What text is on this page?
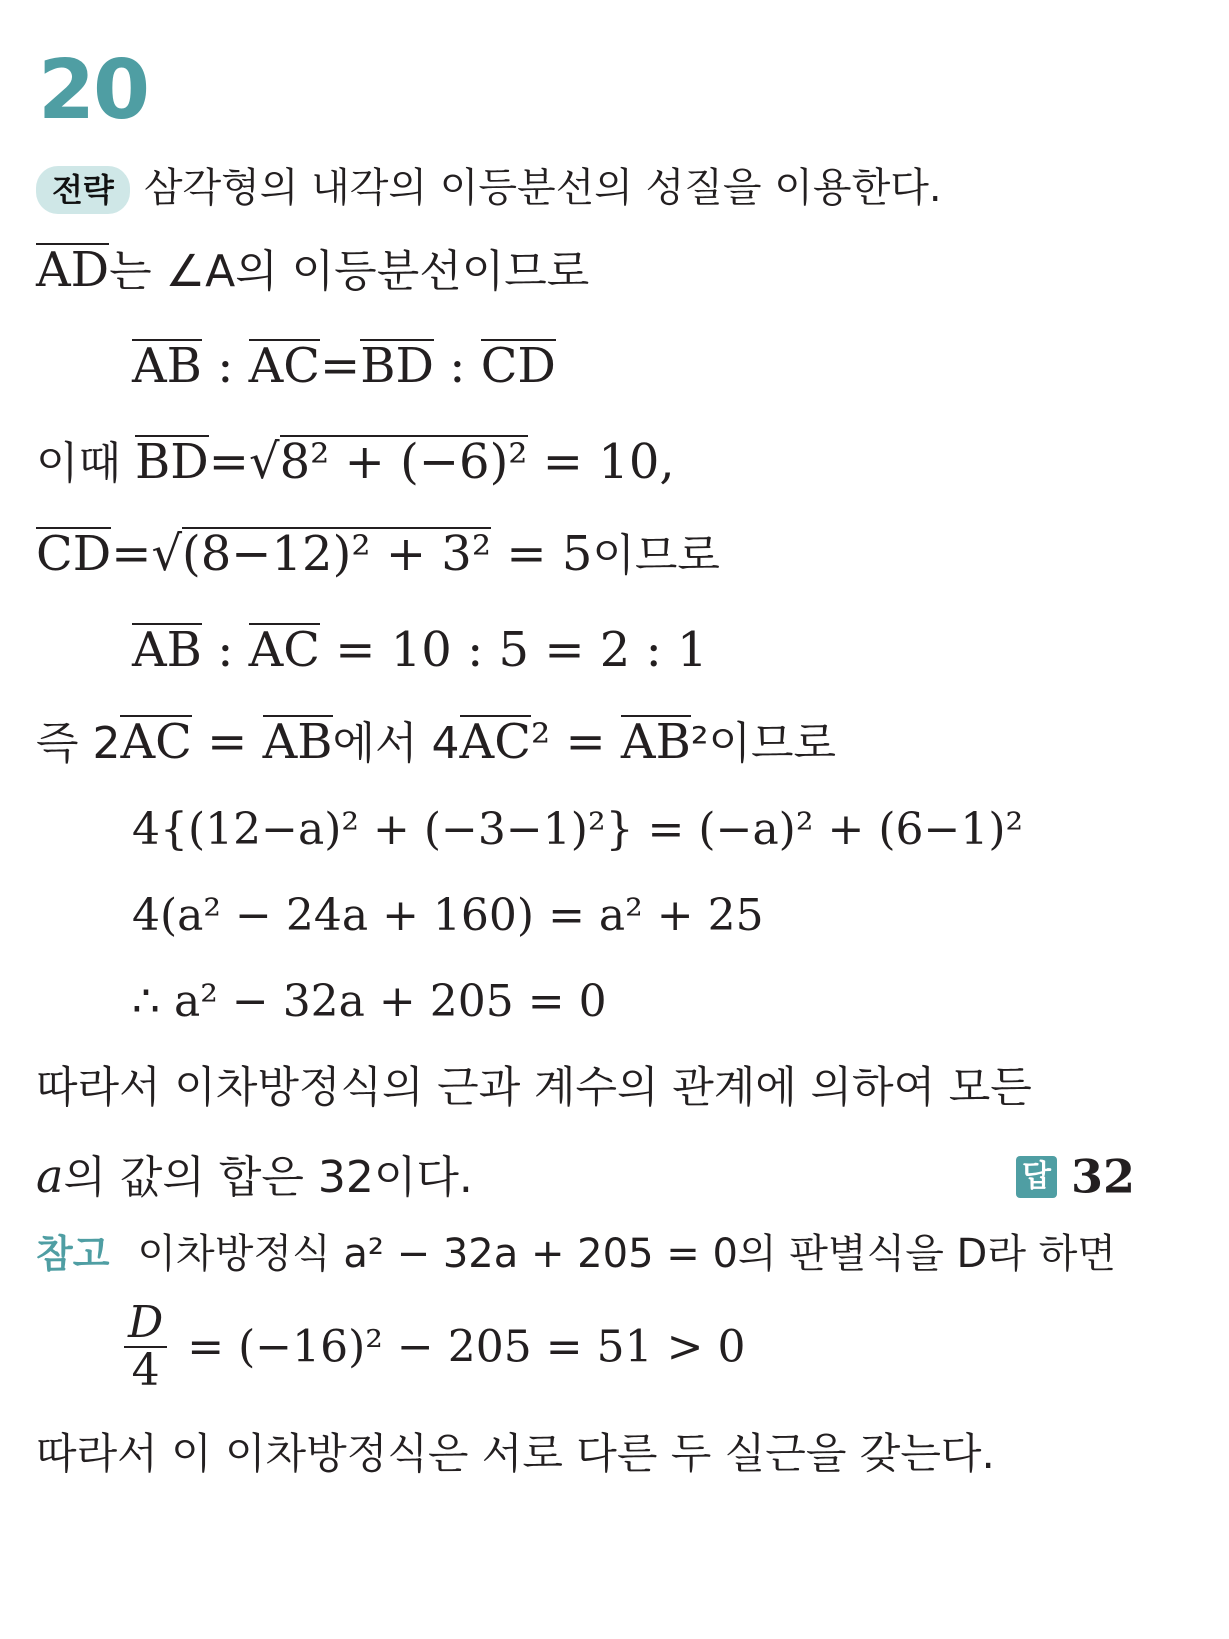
20
전략 삼각형의 내각의 이등분선의 성질을 이용한다.
AD는 ∠A의 이등분선이므로
AB : AC=BD : CD
이때 BD=√8² + (−6)² = 10,
CD=√(8−12)² + 3² = 5이므로
AB : AC = 10 : 5 = 2 : 1
즉 2AC = AB에서 4AC² = AB²이므로
4{(12−a)² + (−3−1)²} = (−a)² + (6−1)²
4(a² − 24a + 160) = a² + 25
∴ a² − 32a + 205 = 0
따라서 이차방정식의 근과 계수의 관계에 의하여 모든
a의 값의 합은 32이다.	답 32
참고 이차방정식 a² − 32a + 205 = 0의 판별식을 D라 하면
$\frac{D}{4} = (-16)^2 - 205 = 51 > 0$
따라서 이 이차방정식은 서로 다른 두 실근을 갖는다.
